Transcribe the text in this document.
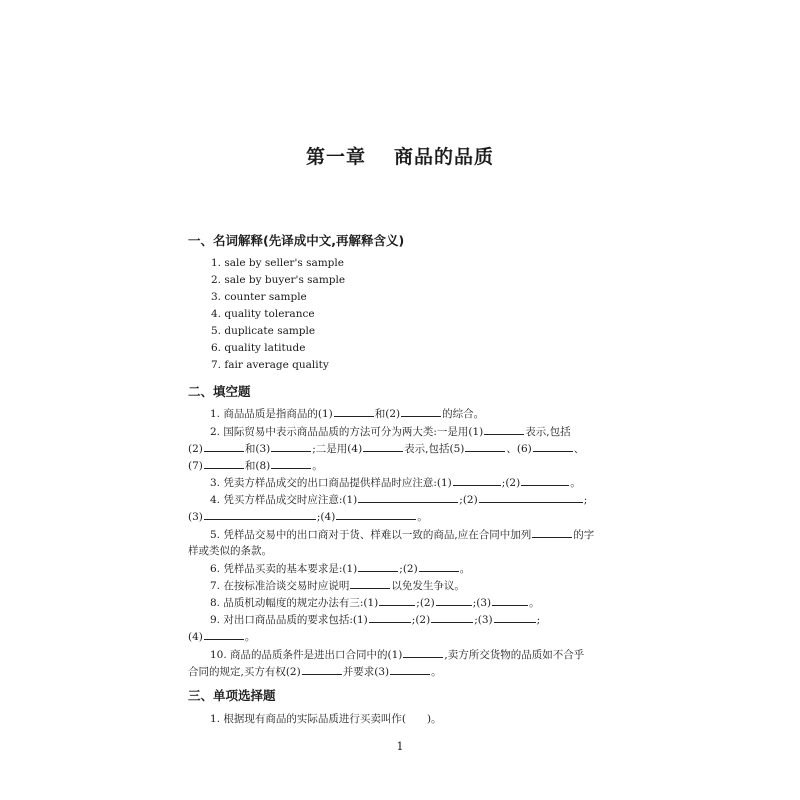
第一章 商品的品质
一、名词解释(先译成中文,再解释含义)
1. sale by seller's sample
2. sale by buyer's sample
3. counter sample
4. quality tolerance
5. duplicate sample
6. quality latitude
7. fair average quality
二、填空题
1. 商品品质是指商品的(1)	和(2)	的综合。
2. 国际贸易中表示商品品质的方法可分为两大类:一是用(1)	表示,包括
(2)	和(3)	;二是用(4)	表示,包括(5)	、(6)	、
(7)	和(8)	。
3. 凭卖方样品成交的出口商品提供样品时应注意:(1)	;(2)	。
4. 凭买方样品成交时应注意:(1)	;(2)	;
(3)	;(4)	。
5. 凭样品交易中的出口商对于货、样难以一致的商品,应在合同中加列	的字
样或类似的条款。
6. 凭样品买卖的基本要求是:(1)	;(2)	。
7. 在按标准洽谈交易时应说明	以免发生争议。
8. 品质机动幅度的规定办法有三:(1)	;(2)	;(3)	。
9. 对出口商品品质的要求包括:(1)	;(2)	;(3)	;
(4)	。
10. 商品的品质条件是进出口合同中的(1)	,卖方所交货物的品质如不合乎
合同的规定,买方有权(2)	并要求(3)	。
三、单项选择题
1. 根据现有商品的实际品质进行买卖叫作(　　)。
1
